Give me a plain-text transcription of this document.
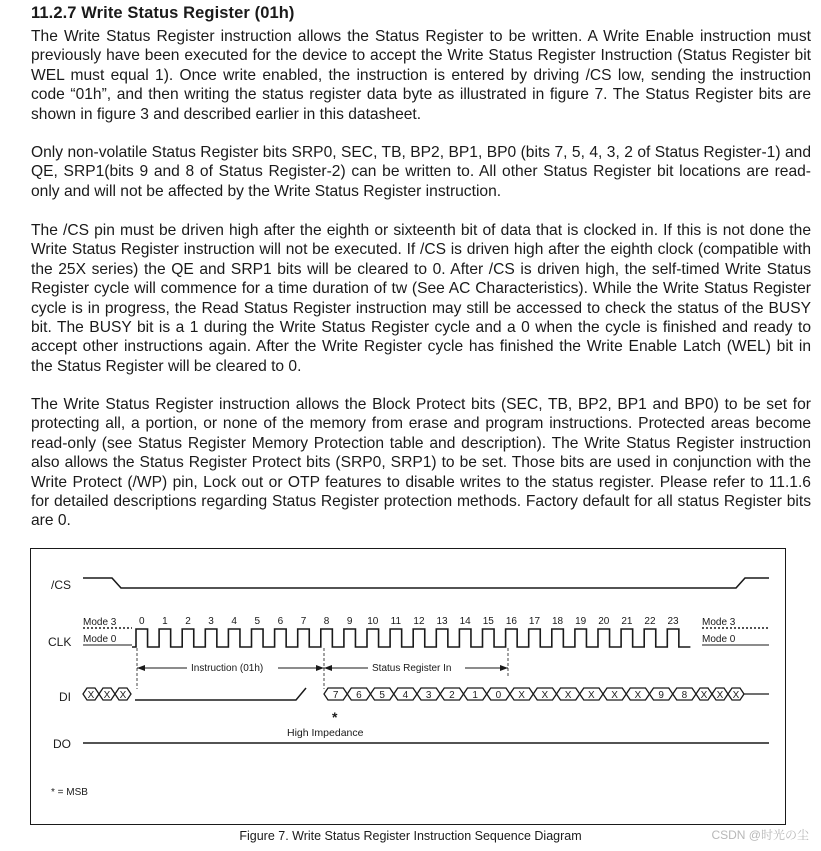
11.2.7 Write Status Register (01h)

The Write Status Register instruction allows the Status Register to be written. A Write Enable instruction must previously have been executed for the device to accept the Write Status Register Instruction (Status Register bit WEL must equal 1). Once write enabled, the instruction is entered by driving /CS low, sending the instruction code “01h”, and then writing the status register data byte as illustrated in figure 7. The Status Register bits are shown in figure 3 and described earlier in this datasheet.

Only non-volatile Status Register bits SRP0, SEC, TB, BP2, BP1, BP0 (bits 7, 5, 4, 3, 2 of Status Register-1) and QE, SRP1(bits 9 and 8 of Status Register-2) can be written to. All other Status Register bit locations are read-only and will not be affected by the Write Status Register instruction.

The /CS pin must be driven high after the eighth or sixteenth bit of data that is clocked in. If this is not done the Write Status Register instruction will not be executed. If /CS is driven high after the eighth clock (compatible with the 25X series) the QE and SRP1 bits will be cleared to 0. After /CS is driven high, the self-timed Write Status Register cycle will commence for a time duration of tw (See AC Characteristics). While the Write Status Register cycle is in progress, the Read Status Register instruction may still be accessed to check the status of the BUSY bit. The BUSY bit is a 1 during the Write Status Register cycle and a 0 when the cycle is finished and ready to accept other instructions again. After the Write Register cycle has finished the Write Enable Latch (WEL) bit in the Status Register will be cleared to 0.

The Write Status Register instruction allows the Block Protect bits (SEC, TB, BP2, BP1 and BP0) to be set for protecting all, a portion, or none of the memory from erase and program instructions. Protected areas become read-only (see Status Register Memory Protection table and description). The Write Status Register instruction also allows the Status Register Protect bits (SRP0, SRP1) to be set. Those bits are used in conjunction with the Write Protect (/WP) pin, Lock out or OTP features to disable writes to the status register. Please refer to 11.1.6 for detailed descriptions regarding Status Register protection methods. Factory default for all status Register bits are 0.

/CS
CLK
DI
DO
Mode 3
Mode 0
Mode 3
Mode 0
0 1 2 3 4 5 6 7 8 9 10 11 12 13 14 15 16 17 18 19 20 21 22 23
Instruction (01h)	Status Register In
X X X	7 6 5 4 3 2 1 0 X X X X X X 9 8 X X X
*
High Impedance
* = MSB
Figure 7. Write Status Register Instruction Sequence Diagram	CSDN @时光の尘
